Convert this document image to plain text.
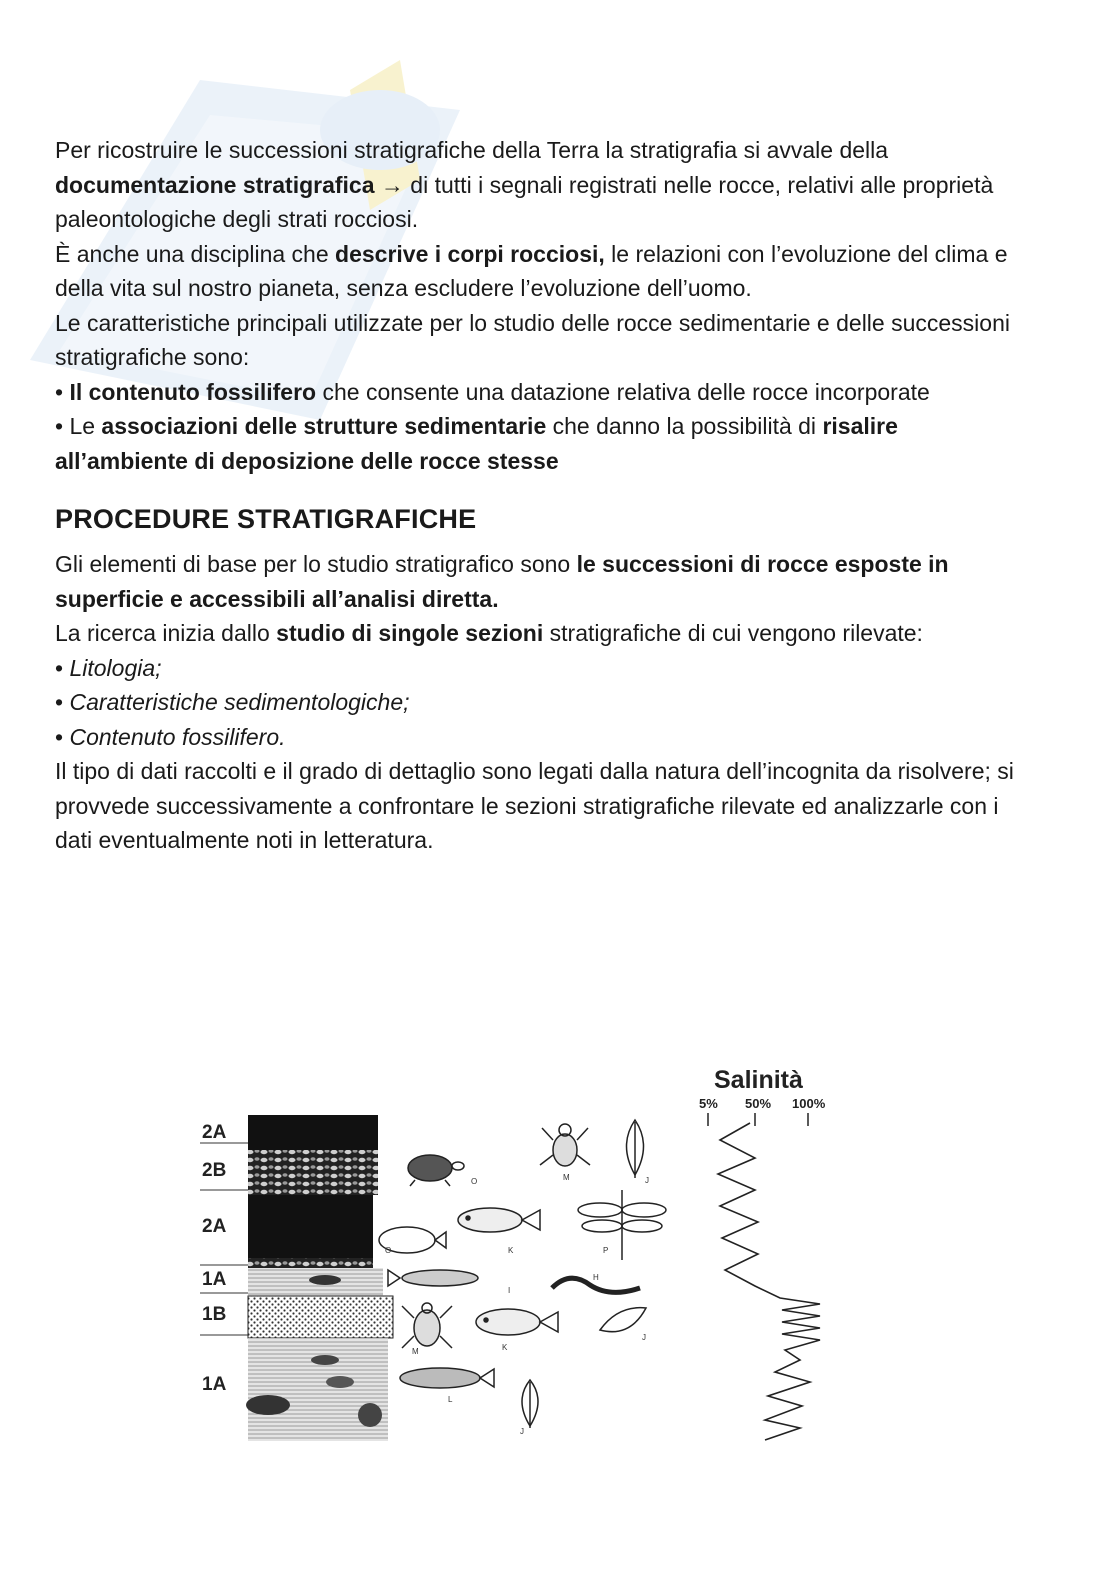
Per ricostruire le successioni stratigrafiche della Terra la stratigrafia si avvale della documentazione stratigrafica → di tutti i segnali registrati nelle rocce, relativi alle proprietà paleontologiche degli strati rocciosi.

È anche una disciplina che descrive i corpi rocciosi, le relazioni con l’evoluzione del clima e della vita sul nostro pianeta, senza escludere l’evoluzione dell’uomo.

Le caratteristiche principali utilizzate per lo studio delle rocce sedimentarie e delle successioni stratigrafiche sono:

• Il contenuto fossilifero che consente una datazione relativa delle rocce incorporate

• Le associazioni delle strutture sedimentarie che danno la possibilità di risalire all’ambiente di deposizione delle rocce stesse

PROCEDURE STRATIGRAFICHE

Gli elementi di base per lo studio stratigrafico sono le successioni di rocce esposte in superficie e accessibili all’analisi diretta.

La ricerca inizia dallo studio di singole sezioni stratigrafiche di cui vengono rilevate:

• Litologia;

• Caratteristiche sedimentologiche;

• Contenuto fossilifero.

Il tipo di dati raccolti e il grado di dettaglio sono legati dalla natura dell’incognita da risolvere; si provvede successivamente a confrontare le sezioni stratigrafiche rilevate ed analizzarle con i dati eventualmente noti in letteratura.

2A
2B
2A
1A
1B
1A
O	M	J
O	K	P
I
H
M	K
J
L
J
Salinità
5% 50% 100%
